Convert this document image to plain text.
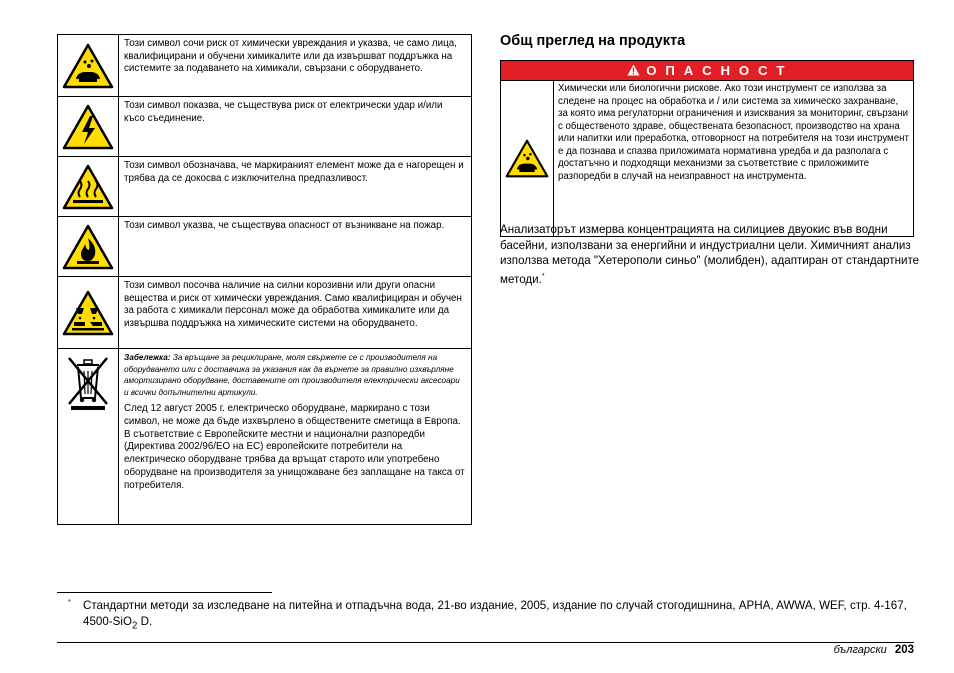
	Този символ сочи риск от химически увреждания и указва, че само лица, квалифицирани и обучени химикалите или да извършват поддръжка на системите за подаването на химикали, свързани с оборудването.

	Този символ показва, че съществува риск от електрически удар и/или късо съединение.

	Този символ обозначава, че маркираният елемент може да е нагорещен и трябва да се докосва с изключителна предпазливост.

	Този символ указва, че съществува опасност от възникване на пожар.

	Този символ посочва наличие на силни корозивни или други опасни вещества и риск от химически увреждания. Само квалифициран и обучен за работа с химикали персонал може да обработва химикалите или да извършва поддръжка на химическите системи на оборудването.

Забележка: За връщане за рециклиране, моля свържете се с производителя на оборудването или с доставчика за указания как да върнете за правилно изхвърляне амортизирано оборудване, доставените от производителя електрически аксесоари и всички допълнителни артикули.
След 12 август 2005 г. електрическо оборудване, маркирано с този символ, не може да бъде изхвърлено в обществените сметища в Европа. В съответствие с Европейските местни и национални разпоредби (Директива 2002/96/ЕО на ЕС) европейските потребители на електрическо оборудване трябва да връщат старото или употребено оборудване на производителя за унищожаване без заплащане на такса от потребителя.
Общ преглед на продукта
О П А С Н О С Т

	Химически или биологични рискове. Ако този инструмент се използва за следене на процес на обработка и / или система за химическо захранване, за която има регулаторни ограничения и изисквания за мониторинг, свързани с общественото здраве, обществената безопасност, производство на храна или напитки или преработка, отговорност на потребителя на този инструмент е да познава и спазва приложимата нормативна уредба и да разполага с достатъчно и подходящи механизми за съответствие с приложимите разпоредби в случай на неизправност на инструмента.

Анализаторът измерва концентрацията на силициев двуокис във водни басейни, използвани за енергийни и индустриални цели. Химичният анализ използва метода "Хетерополи синьо" (молибден), адаптиран от стандартните методи.*

*	Стандартни методи за изследване на питейна и отпадъчна вода, 21-во издание, 2005, издание по случай стогодишнина, APHA, AWWA, WEF, стр. 4-167, 4500-SiO$_2$ D.

български 203
